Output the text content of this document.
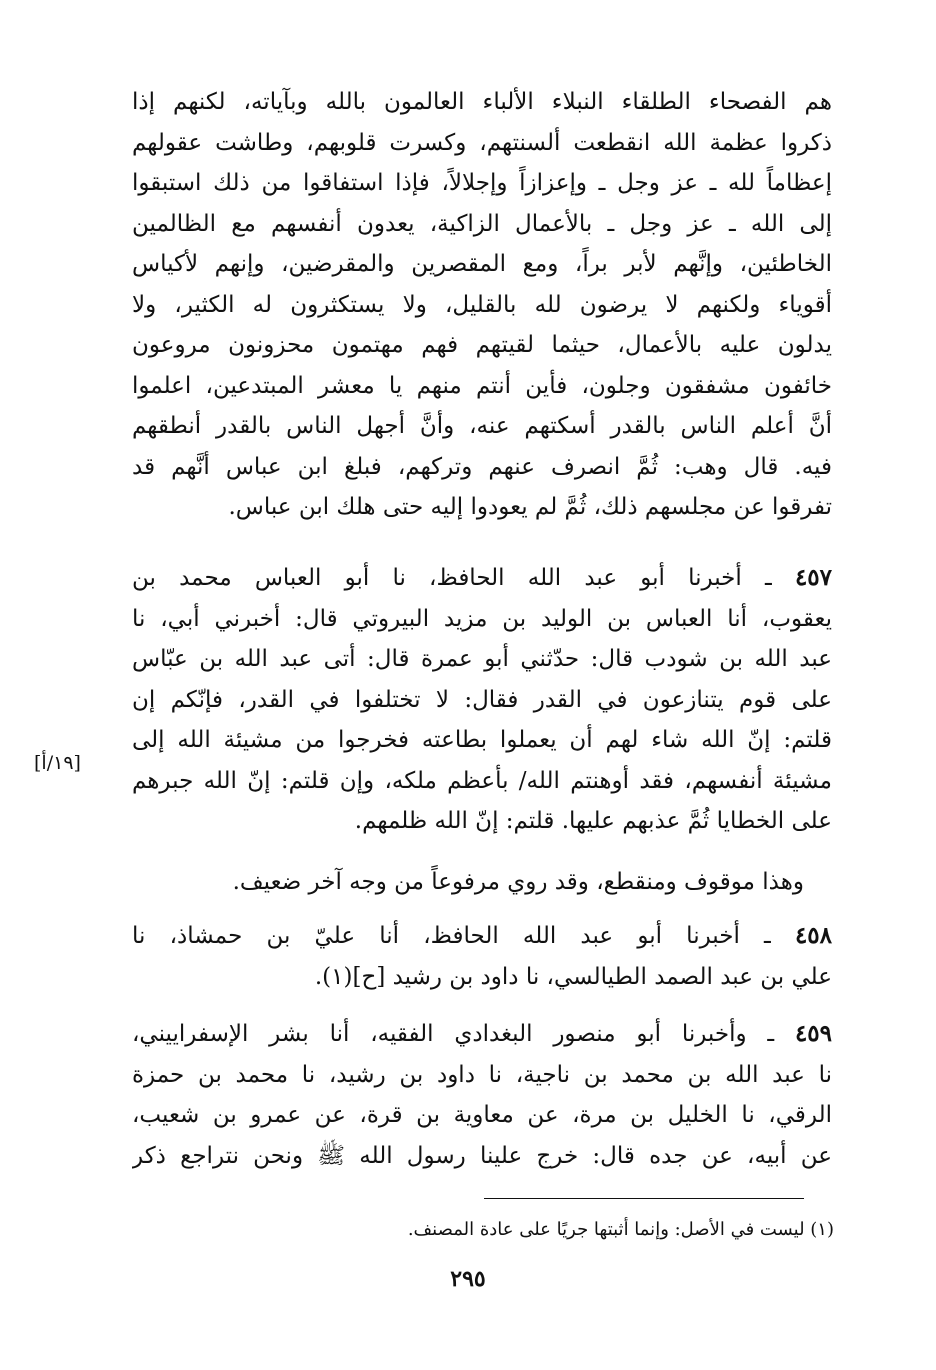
هم الفصحاء الطلقاء النبلاء الألباء العالمون بالله وبآياته، لكنهم إذا
ذكروا عظمة الله انقطعت ألسنتهم، وكسرت قلوبهم، وطاشت عقولهم
إعظاماً لله ـ عز وجل ـ وإعزازاً وإجلالاً، فإذا استفاقوا من ذلك استبقوا
إلى الله ـ عز وجل ـ بالأعمال الزاكية، يعدون أنفسهم مع الظالمين
الخاطئين، وإنَّهم لأبر براً، ومع المقصرين والمقرضين، وإنهم لأكياس
أقوياء ولكنهم لا يرضون لله بالقليل، ولا يستكثرون له الكثير، ولا
يدلون عليه بالأعمال، حيثما لقيتهم فهم مهتمون محزونون مروعون
خائفون مشفقون وجلون، فأين أنتم منهم يا معشر المبتدعين، اعلموا
أنَّ أعلم الناس بالقدر أسكتهم عنه، وأنَّ أجهل الناس بالقدر أنطقهم
فيه. قال وهب: ثُمَّ انصرف عنهم وتركهم، فبلغ ابن عباس أنَّهم قد
تفرقوا عن مجلسهم ذلك، ثُمَّ لم يعودوا إليه حتى هلك ابن عباس.
٤٥٧ ـ أخبرنا أبو عبد الله الحافظ، نا أبو العباس محمد بن
يعقوب، أنا العباس بن الوليد بن مزيد البيروتي قال: أخبرني أبي، نا
عبد الله بن شودب قال: حدّثني أبو عمرة قال: أتى عبد الله بن عبّاس
على قوم يتنازعون في القدر فقال: لا تختلفوا في القدر، فإنّكم إن
قلتم: إنّ الله شاء لهم أن يعملوا بطاعته فخرجوا من مشيئة الله إلى
مشيئة أنفسهم، فقد أوهنتم الله/ بأعظم ملكه، وإن قلتم: إنّ الله جبرهم
على الخطايا ثُمَّ عذبهم عليها. قلتم: إنّ الله ظلمهم.
[١٩/أ]
وهذا موقوف ومنقطع، وقد روي مرفوعاً من وجه آخر ضعيف.
٤٥٨ ـ أخبرنا أبو عبد الله الحافظ، أنا عليّ بن حمشاذ، نا
علي بن عبد الصمد الطيالسي، نا داود بن رشيد [ح](١).
٤٥٩ ـ وأخبرنا أبو منصور البغدادي الفقيه، أنا بشر الإسفراييني،
نا عبد الله بن محمد بن ناجية، نا داود بن رشيد، نا محمد بن حمزة
الرقي، نا الخليل بن مرة، عن معاوية بن قرة، عن عمرو بن شعيب،
عن أبيه، عن جده قال: خرج علينا رسول الله ﷺ ونحن نتراجع ذكر
(١) ليست في الأصل: وإنما أثبتها جريًا على عادة المصنف.
٢٩٥
